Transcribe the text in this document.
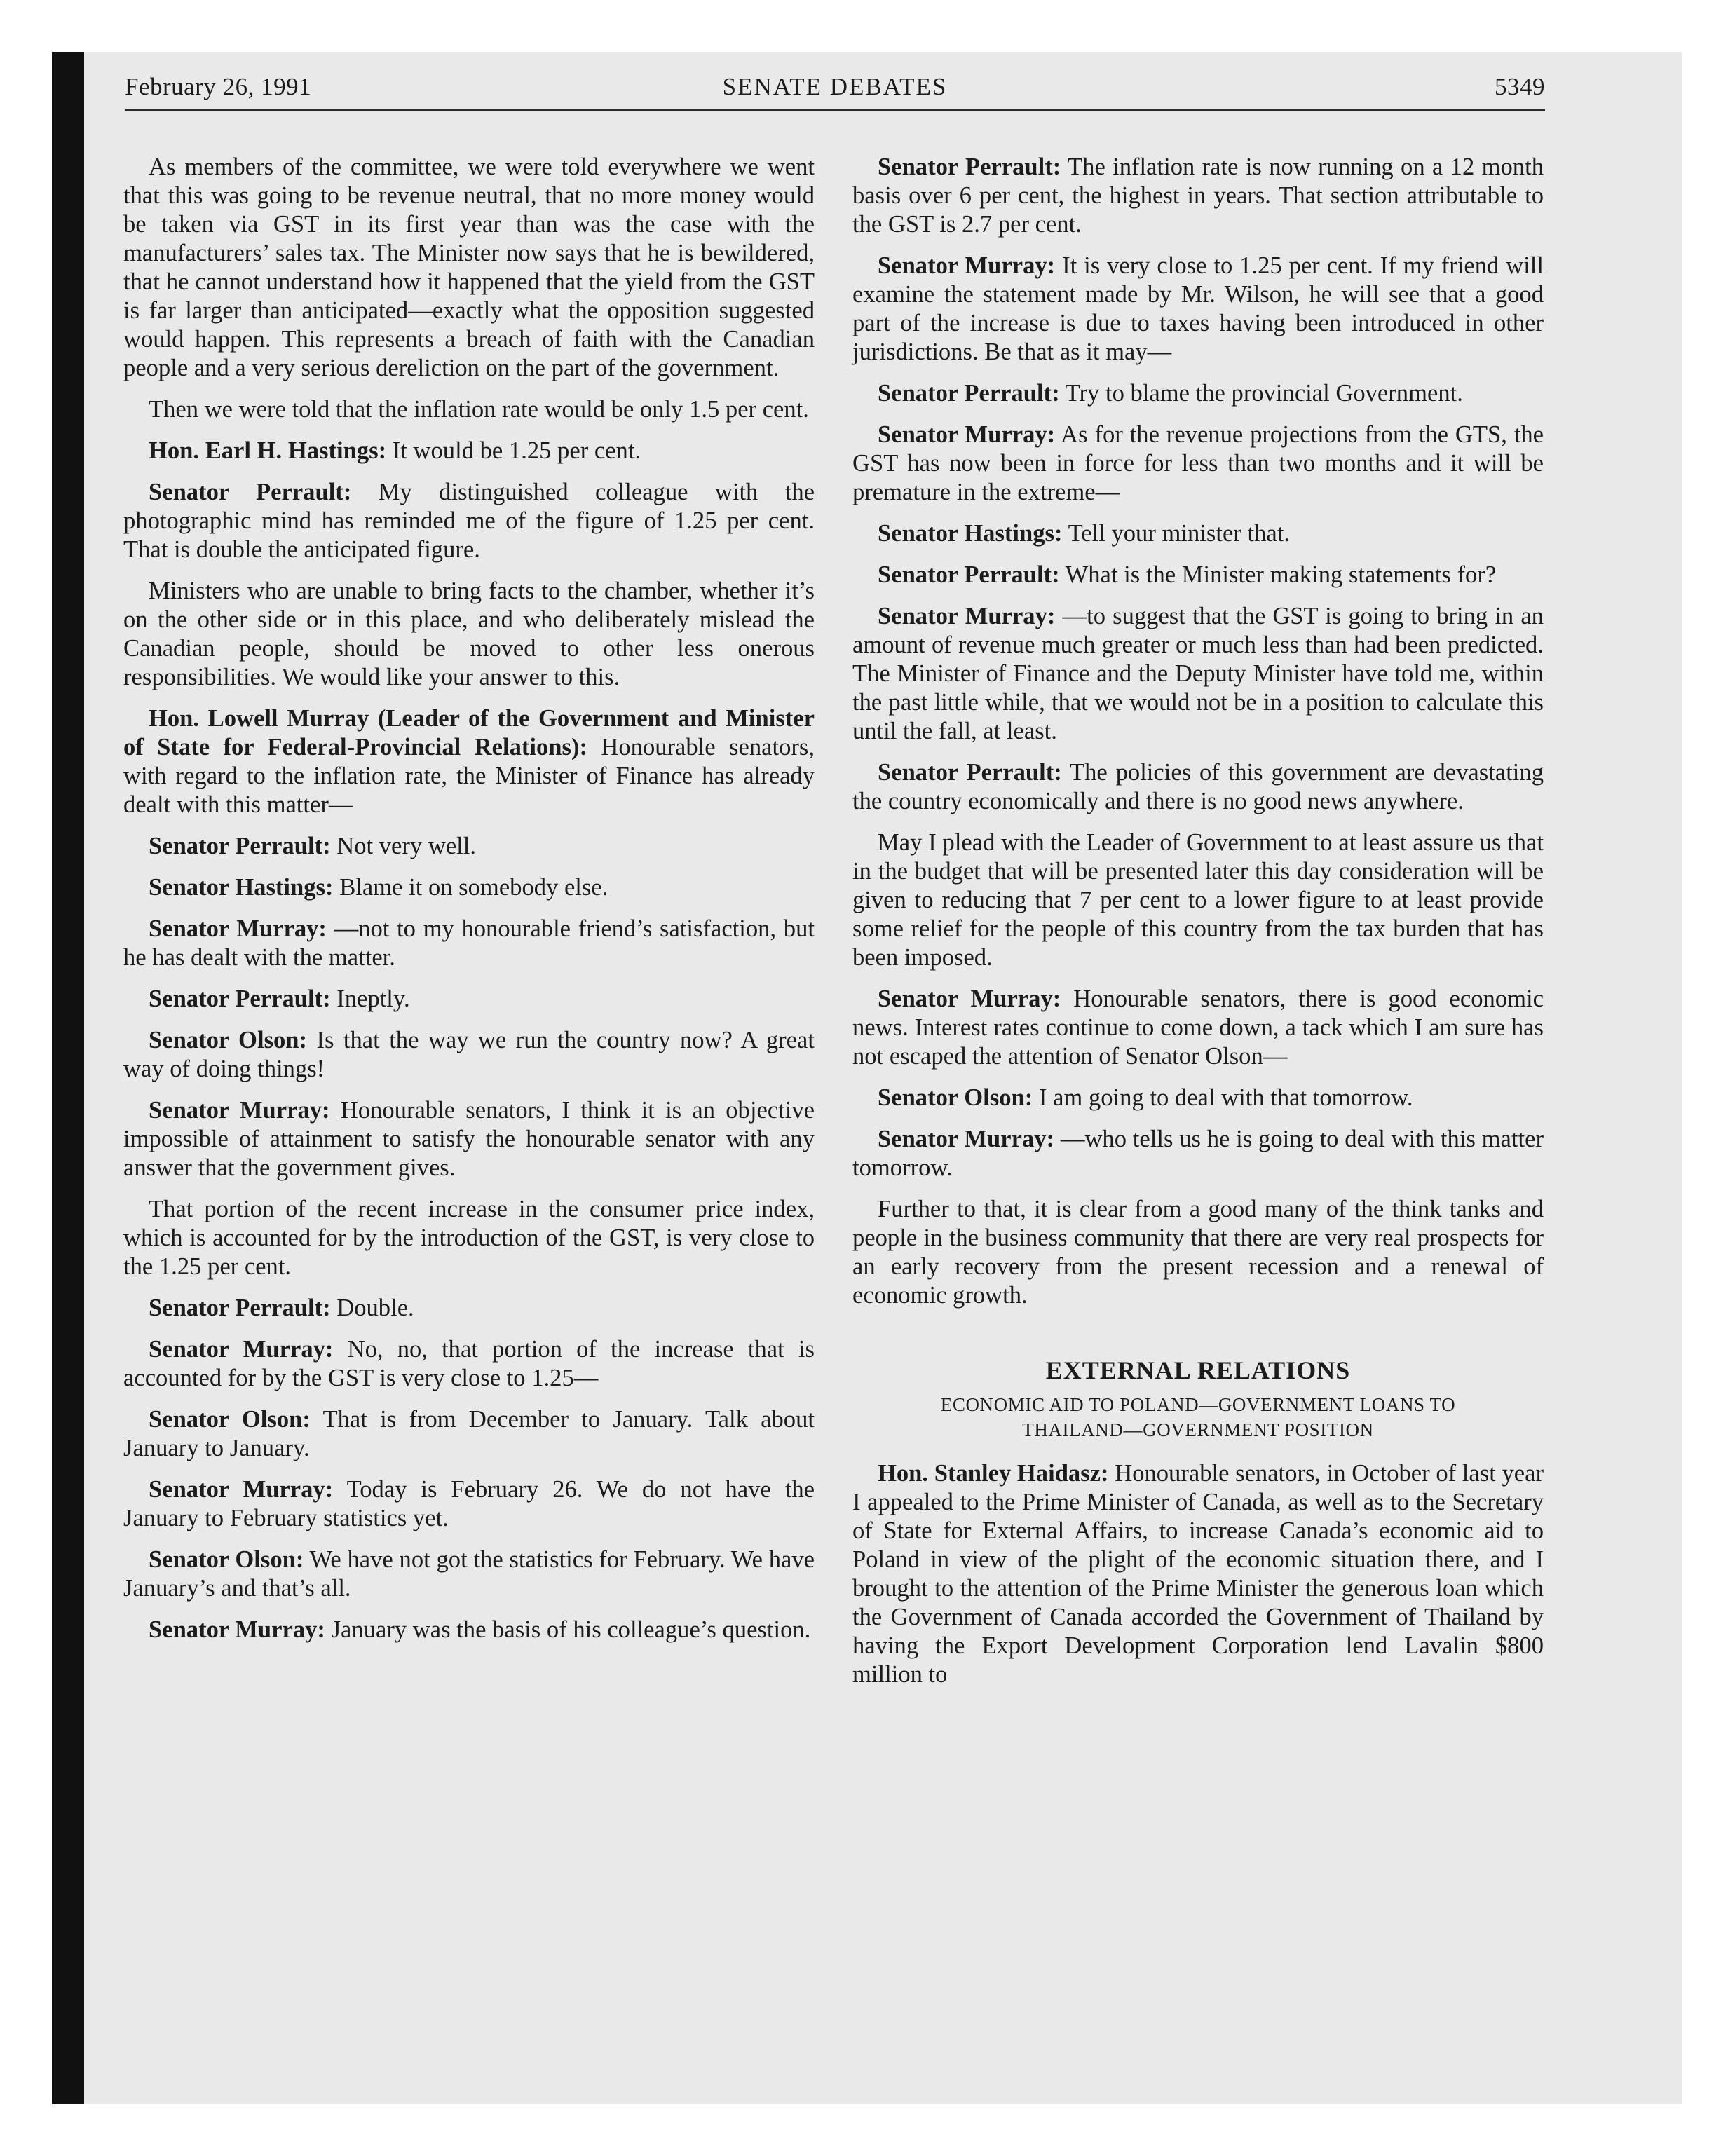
February 26, 1991	SENATE DEBATES	5349

As members of the committee, we were told everywhere we went that this was going to be revenue neutral, that no more money would be taken via GST in its first year than was the case with the manufacturers’ sales tax. The Minister now says that he is bewildered, that he cannot understand how it happened that the yield from the GST is far larger than anticipated—exactly what the opposition suggested would happen. This represents a breach of faith with the Canadian people and a very serious dereliction on the part of the government.

Then we were told that the inflation rate would be only 1.5 per cent.

Hon. Earl H. Hastings: It would be 1.25 per cent.

Senator Perrault: My distinguished colleague with the photographic mind has reminded me of the figure of 1.25 per cent. That is double the anticipated figure.

Ministers who are unable to bring facts to the chamber, whether it’s on the other side or in this place, and who deliberately mislead the Canadian people, should be moved to other less onerous responsibilities. We would like your answer to this.

Hon. Lowell Murray (Leader of the Government and Minister of State for Federal-Provincial Relations): Honourable senators, with regard to the inflation rate, the Minister of Finance has already dealt with this matter—

Senator Perrault: Not very well.

Senator Hastings: Blame it on somebody else.

Senator Murray: —not to my honourable friend’s satisfaction, but he has dealt with the matter.

Senator Perrault: Ineptly.

Senator Olson: Is that the way we run the country now? A great way of doing things!

Senator Murray: Honourable senators, I think it is an objective impossible of attainment to satisfy the honourable senator with any answer that the government gives.

That portion of the recent increase in the consumer price index, which is accounted for by the introduction of the GST, is very close to the 1.25 per cent.

Senator Perrault: Double.

Senator Murray: No, no, that portion of the increase that is accounted for by the GST is very close to 1.25—

Senator Olson: That is from December to January. Talk about January to January.

Senator Murray: Today is February 26. We do not have the January to February statistics yet.

Senator Olson: We have not got the statistics for February. We have January’s and that’s all.

Senator Murray: January was the basis of his colleague’s question.

Senator Perrault: The inflation rate is now running on a 12 month basis over 6 per cent, the highest in years. That section attributable to the GST is 2.7 per cent.

Senator Murray: It is very close to 1.25 per cent. If my friend will examine the statement made by Mr. Wilson, he will see that a good part of the increase is due to taxes having been introduced in other jurisdictions. Be that as it may—

Senator Perrault: Try to blame the provincial Government.

Senator Murray: As for the revenue projections from the GTS, the GST has now been in force for less than two months and it will be premature in the extreme—

Senator Hastings: Tell your minister that.

Senator Perrault: What is the Minister making statements for?

Senator Murray: —to suggest that the GST is going to bring in an amount of revenue much greater or much less than had been predicted. The Minister of Finance and the Deputy Minister have told me, within the past little while, that we would not be in a position to calculate this until the fall, at least.

Senator Perrault: The policies of this government are devastating the country economically and there is no good news anywhere.

May I plead with the Leader of Government to at least assure us that in the budget that will be presented later this day consideration will be given to reducing that 7 per cent to a lower figure to at least provide some relief for the people of this country from the tax burden that has been imposed.

Senator Murray: Honourable senators, there is good economic news. Interest rates continue to come down, a tack which I am sure has not escaped the attention of Senator Olson—

Senator Olson: I am going to deal with that tomorrow.

Senator Murray: —who tells us he is going to deal with this matter tomorrow.

Further to that, it is clear from a good many of the think tanks and people in the business community that there are very real prospects for an early recovery from the present recession and a renewal of economic growth.

EXTERNAL RELATIONS
ECONOMIC AID TO POLAND—GOVERNMENT LOANS TO
THAILAND—GOVERNMENT POSITION

Hon. Stanley Haidasz: Honourable senators, in October of last year I appealed to the Prime Minister of Canada, as well as to the Secretary of State for External Affairs, to increase Canada’s economic aid to Poland in view of the plight of the economic situation there, and I brought to the attention of the Prime Minister the generous loan which the Government of Canada accorded the Government of Thailand by having the Export Development Corporation lend Lavalin $800 million to
